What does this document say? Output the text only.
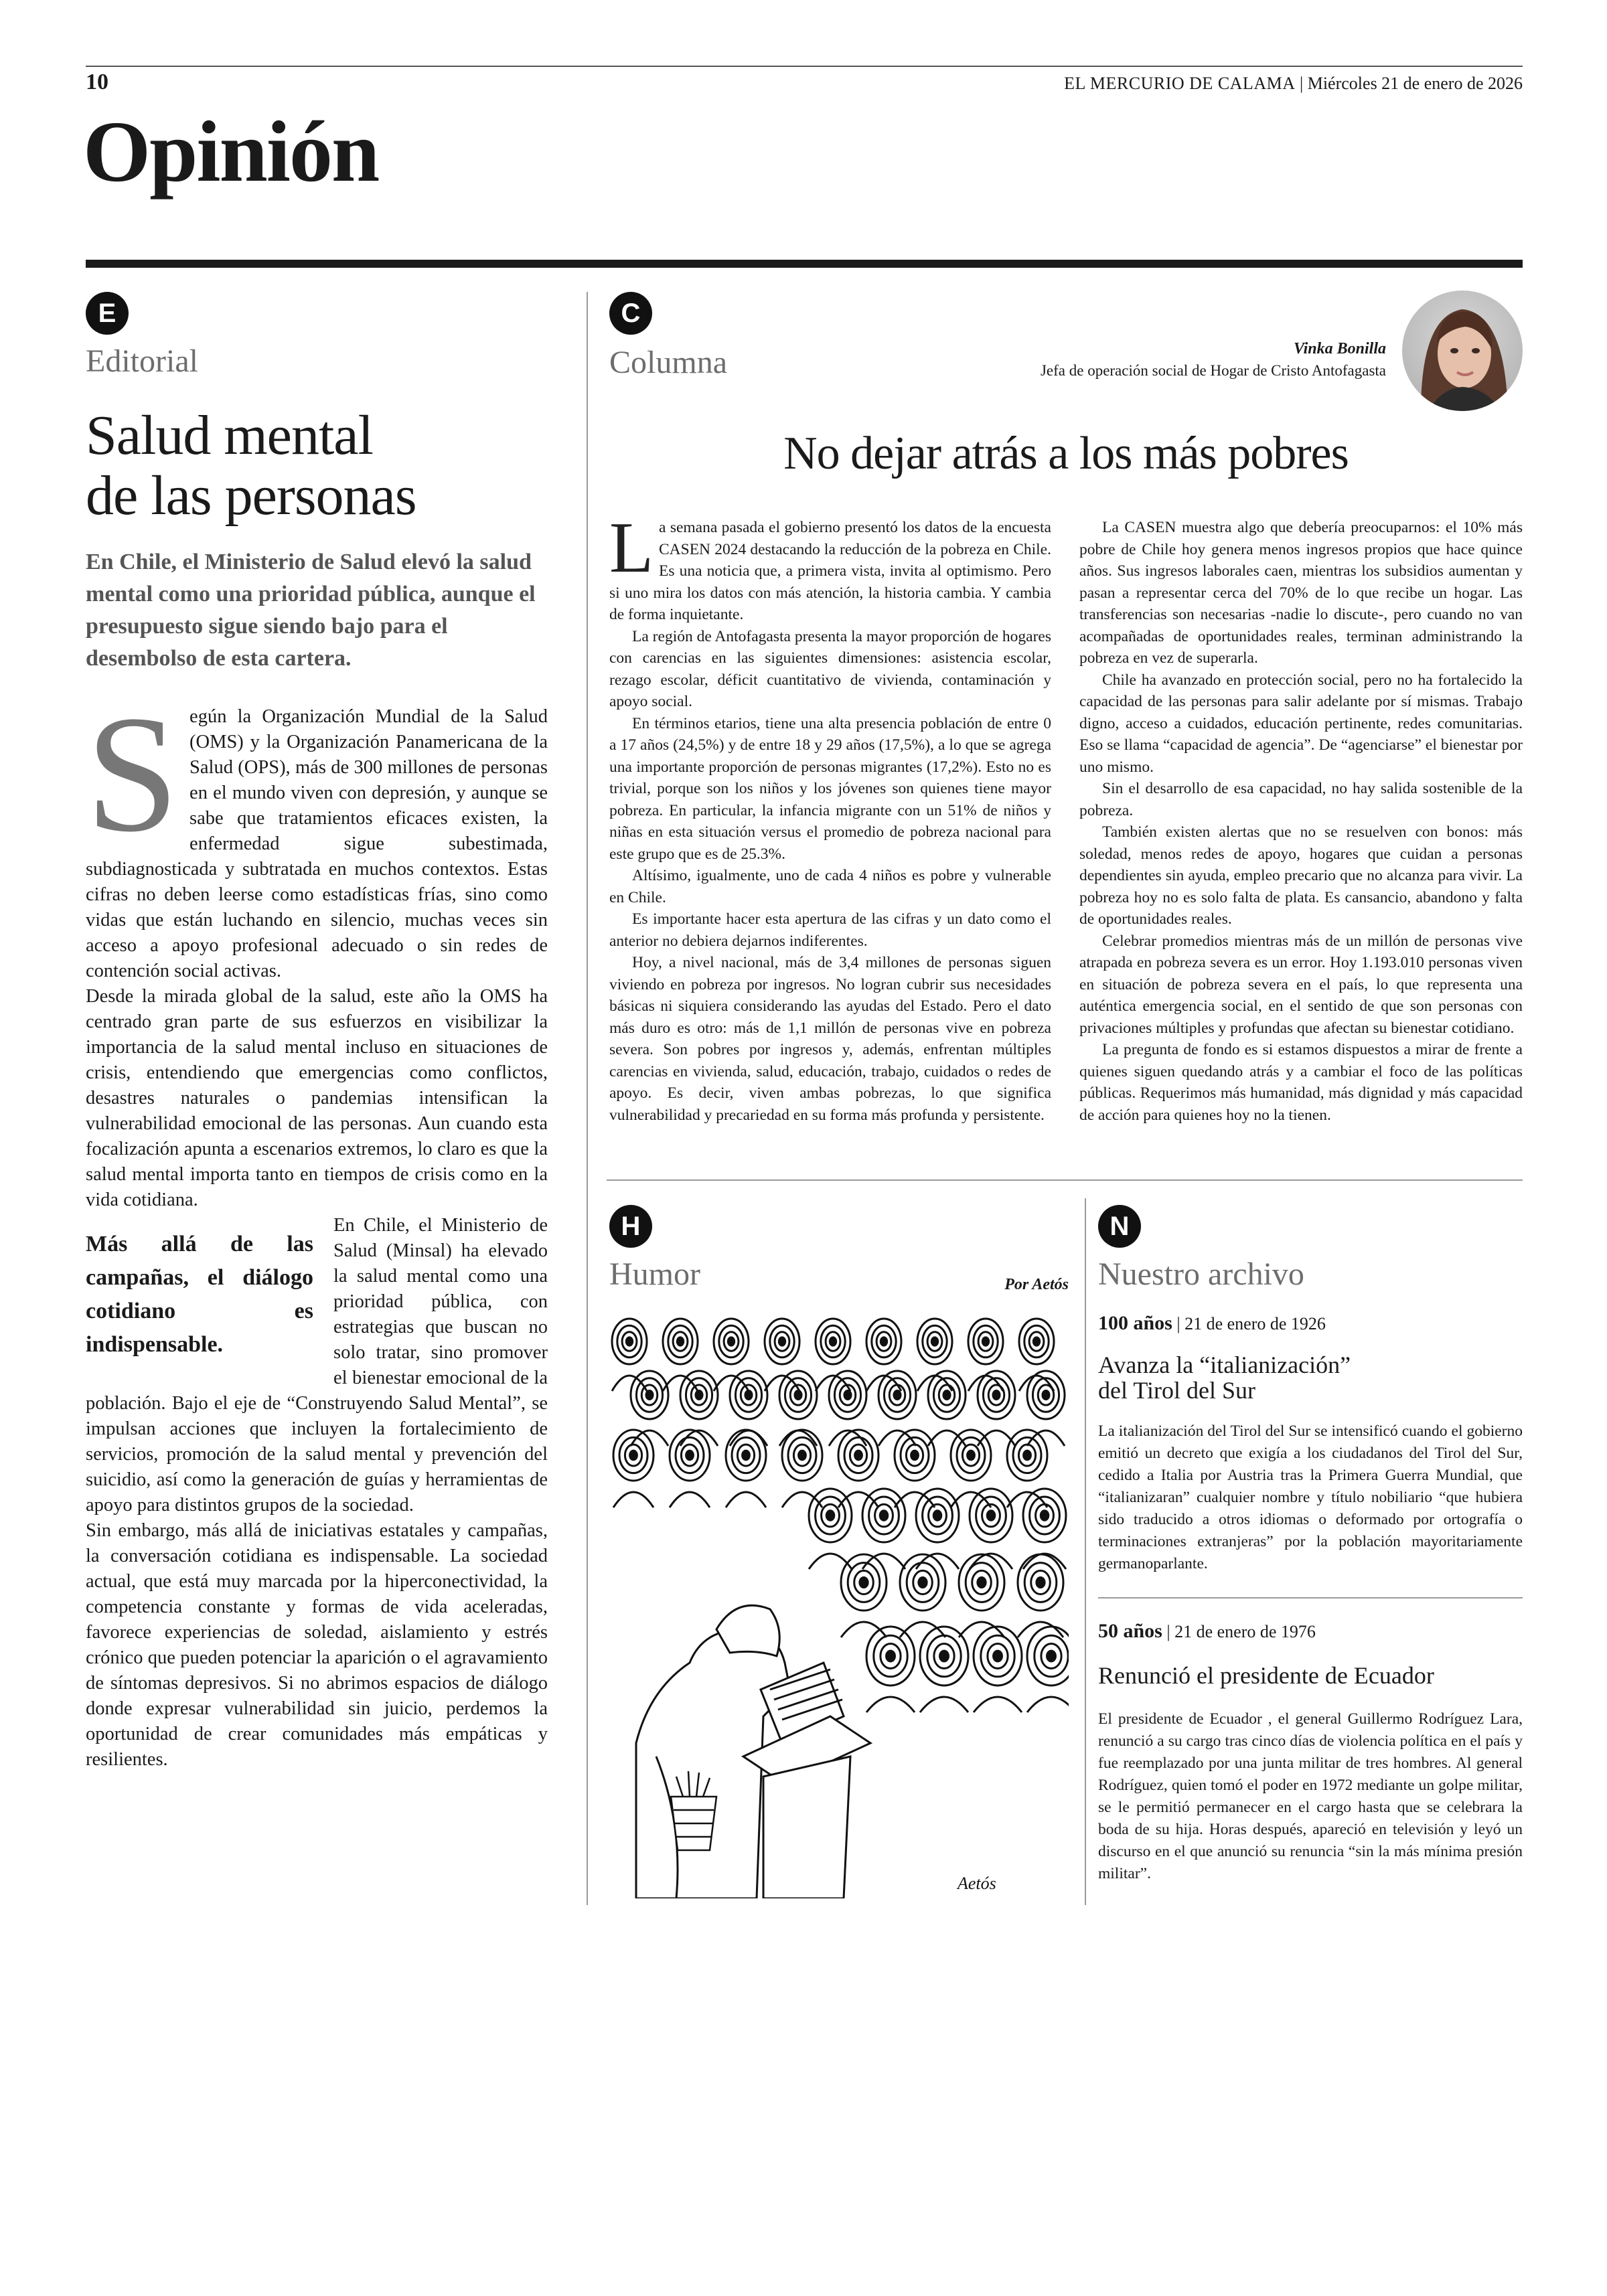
10	EL MERCURIO DE CALAMA | Miércoles 21 de enero de 2026
Opinión
E
Editorial
Salud mental
de las personas
En Chile, el Ministerio de Salud elevó la salud mental como una prioridad pública, aunque el presupuesto sigue siendo bajo para el desembolso de esta cartera.
S egún la Organización Mundial de la Salud (OMS) y la Organización Panamericana de la Salud (OPS), más de 300 millones de personas en el mundo viven con depresión, y aunque se sabe que tratamientos eficaces existen, la enfermedad sigue subestimada, subdiagnosticada y subtratada en muchos contextos. Estas cifras no deben leerse como estadísticas frías, sino como vidas que están luchando en silencio, muchas veces sin acceso a apoyo profesional adecuado o sin redes de contención social activas.

Desde la mirada global de la salud, este año la OMS ha centrado gran parte de sus esfuerzos en visibilizar la importancia de la salud mental incluso en situaciones de crisis, entendiendo que emergencias como conflictos, desastres naturales o pandemias intensifican la vulnerabilidad emocional de las personas. Aun cuando esta focalización apunta a escenarios extremos, lo claro es que la salud mental importa tanto en tiempos de crisis como en la vida cotidiana.

Más allá de las campañas, el diálogo cotidiano es indispensable.

En Chile, el Ministerio de Salud (Minsal) ha elevado la salud mental como una prioridad pública, con estrategias que buscan no solo tratar, sino promover el bienestar emocional de la población. Bajo el eje de “Construyendo Salud Mental”, se impulsan acciones que incluyen la fortalecimiento de servicios, promoción de la salud mental y prevención del suicidio, así como la generación de guías y herramientas de apoyo para distintos grupos de la sociedad.

Sin embargo, más allá de iniciativas estatales y campañas, la conversación cotidiana es indispensable. La sociedad actual, que está muy marcada por la hiperconectividad, la competencia constante y formas de vida aceleradas, favorece experiencias de soledad, aislamiento y estrés crónico que pueden potenciar la aparición o el agravamiento de síntomas depresivos. Si no abrimos espacios de diálogo donde expresar vulnerabilidad sin juicio, perdemos la oportunidad de crear comunidades más empáticas y resilientes.

C
Columna	Vinka Bonilla
Jefa de operación social de Hogar de Cristo Antofagasta
No dejar atrás a los más pobres
L a semana pasada el gobierno presentó los datos de la encuesta CASEN 2024 destacando la reducción de la pobreza en Chile. Es una noticia que, a primera vista, invita al optimismo. Pero si uno mira los datos con más atención, la historia cambia. Y cambia de forma inquietante.

La región de Antofagasta presenta la mayor proporción de hogares con carencias en las siguientes dimensiones: asistencia escolar, rezago escolar, déficit cuantitativo de vivienda, contaminación y apoyo social.

En términos etarios, tiene una alta presencia población de entre 0 a 17 años (24,5%) y de entre 18 y 29 años (17,5%), a lo que se agrega una importante proporción de personas migrantes (17,2%). Esto no es trivial, porque son los niños y los jóvenes son quienes tiene mayor pobreza. En particular, la infancia migrante con un 51% de niños y niñas en esta situación versus el promedio de pobreza nacional para este grupo que es de 25.3%.

Altísimo, igualmente, uno de cada 4 niños es pobre y vulnerable en Chile.

Es importante hacer esta apertura de las cifras y un dato como el anterior no debiera dejarnos indiferentes.

Hoy, a nivel nacional, más de 3,4 millones de personas siguen viviendo en pobreza por ingresos. No logran cubrir sus necesidades básicas ni siquiera considerando las ayudas del Estado. Pero el dato más duro es otro: más de 1,1 millón de personas vive en pobreza severa. Son pobres por ingresos y, además, enfrentan múltiples carencias en vivienda, salud, educación, trabajo, cuidados o redes de apoyo. Es decir, viven ambas pobrezas, lo que significa vulnerabilidad y precariedad en su forma más profunda y persistente.

La CASEN muestra algo que debería preocuparnos: el 10% más pobre de Chile hoy genera menos ingresos propios que hace quince años. Sus ingresos laborales caen, mientras los subsidios aumentan y pasan a representar cerca del 70% de lo que recibe un hogar. Las transferencias son necesarias -nadie lo discute-, pero cuando no van acompañadas de oportunidades reales, terminan administrando la pobreza en vez de superarla.

Chile ha avanzado en protección social, pero no ha fortalecido la capacidad de las personas para salir adelante por sí mismas. Trabajo digno, acceso a cuidados, educación pertinente, redes comunitarias. Eso se llama “capacidad de agencia”. De “agenciarse” el bienestar por uno mismo.

Sin el desarrollo de esa capacidad, no hay salida sostenible de la pobreza.

También existen alertas que no se resuelven con bonos: más soledad, menos redes de apoyo, hogares que cuidan a personas dependientes sin ayuda, empleo precario que no alcanza para vivir. La pobreza hoy no es solo falta de plata. Es cansancio, abandono y falta de oportunidades reales.

Celebrar promedios mientras más de un millón de personas vive atrapada en pobreza severa es un error. Hoy 1.193.010 personas viven en situación de pobreza severa en el país, lo que representa una auténtica emergencia social, en el sentido de que son personas con privaciones múltiples y profundas que afectan su bienestar cotidiano.

La pregunta de fondo es si estamos dispuestos a mirar de frente a quienes siguen quedando atrás y a cambiar el foco de las políticas públicas. Requerimos más humanidad, más dignidad y más capacidad de acción para quienes hoy no la tienen.

H
Humor	Por Aetós
Aetós
N
Nuestro archivo
100 años | 21 de enero de 1926
Avanza la “italianización”
del Tirol del Sur
La italianización del Tirol del Sur se intensificó cuando el gobierno emitió un decreto que exigía a los ciudadanos del Tirol del Sur, cedido a Italia por Austria tras la Primera Guerra Mundial, que “italianizaran” cualquier nombre y título nobiliario “que hubiera sido traducido a otros idiomas o deformado por ortografía o terminaciones extranjeras” por la población mayoritariamente germanoparlante.
50 años | 21 de enero de 1976
Renunció el presidente de Ecuador
El presidente de Ecuador , el general Guillermo Rodríguez Lara, renunció a su cargo tras cinco días de violencia política en el país y fue reemplazado por una junta militar de tres hombres. Al general Rodríguez, quien tomó el poder en 1972 mediante un golpe militar, se le permitió permanecer en el cargo hasta que se celebrara la boda de su hija. Horas después, apareció en televisión y leyó un discurso en el que anunció su renuncia “sin la más mínima presión militar”.
